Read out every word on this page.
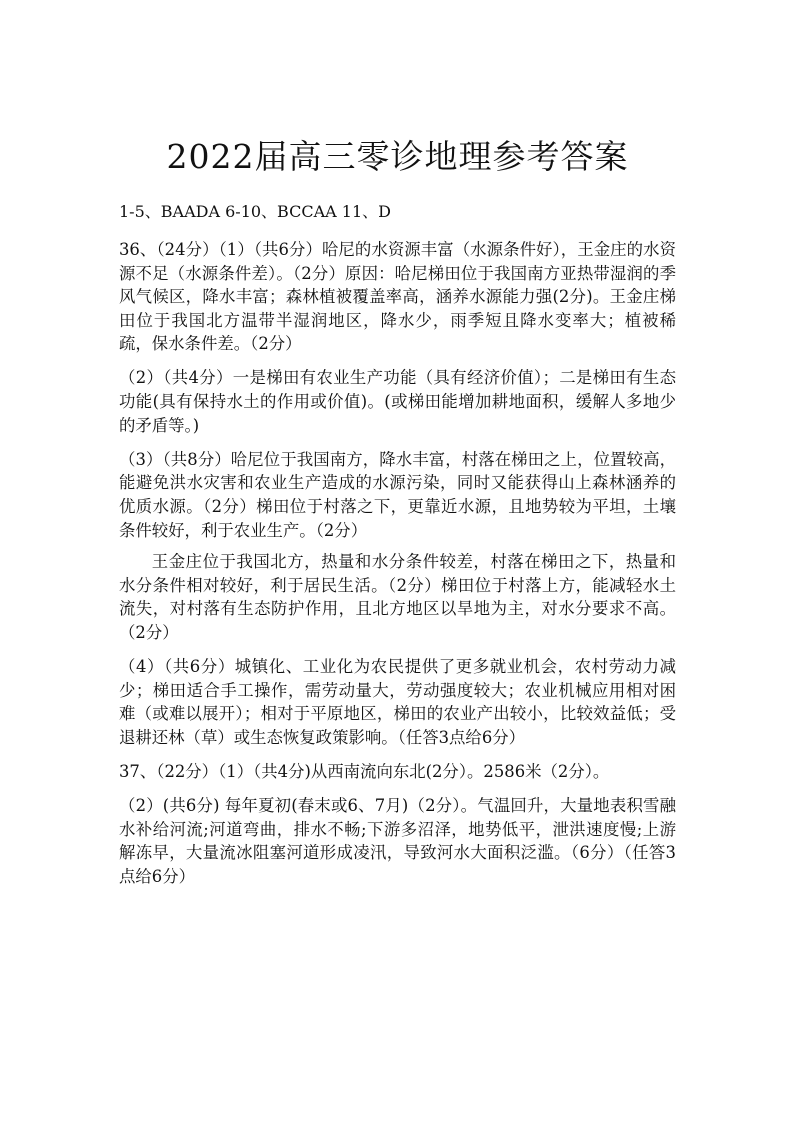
2022届高三零诊地理参考答案
1-5、BAADA 6-10、BCCAA 11、D
36、（24分）（1）（共6分）哈尼的水资源丰富（水源条件好），王金庄的水资源不足（水源条件差）。（2分）原因：哈尼梯田位于我国南方亚热带湿润的季风气候区，降水丰富；森林植被覆盖率高，涵养水源能力强(2分)。王金庄梯田位于我国北方温带半湿润地区，降水少，雨季短且降水变率大；植被稀疏，保水条件差。（2分）
（2）（共4分）一是梯田有农业生产功能（具有经济价值）；二是梯田有生态功能(具有保持水土的作用或价值)。(或梯田能增加耕地面积，缓解人多地少的矛盾等。)
（3）（共8分）哈尼位于我国南方，降水丰富，村落在梯田之上，位置较高，能避免洪水灾害和农业生产造成的水源污染，同时又能获得山上森林涵养的优质水源。（2分）梯田位于村落之下，更靠近水源，且地势较为平坦，土壤条件较好，利于农业生产。（2分）
王金庄位于我国北方，热量和水分条件较差，村落在梯田之下，热量和水分条件相对较好，利于居民生活。（2分）梯田位于村落上方，能减轻水土流失，对村落有生态防护作用，且北方地区以旱地为主，对水分要求不高。（2分）
（4）（共6分）城镇化、工业化为农民提供了更多就业机会，农村劳动力减少；梯田适合手工操作，需劳动量大，劳动强度较大；农业机械应用相对困难（或难以展开）；相对于平原地区，梯田的农业产出较小，比较效益低；受退耕还林（草）或生态恢复政策影响。（任答3点给6分）
37、（22分）（1）（共4分)从西南流向东北(2分）。2586米（2分）。
（2）(共6分) 每年夏初(春末或6、7月)（2分）。气温回升，大量地表积雪融水补给河流;河道弯曲，排水不畅;下游多沼泽，地势低平，泄洪速度慢;上游解冻早，大量流冰阻塞河道形成凌汛，导致河水大面积泛滥。（6分）（任答3点给6分）
